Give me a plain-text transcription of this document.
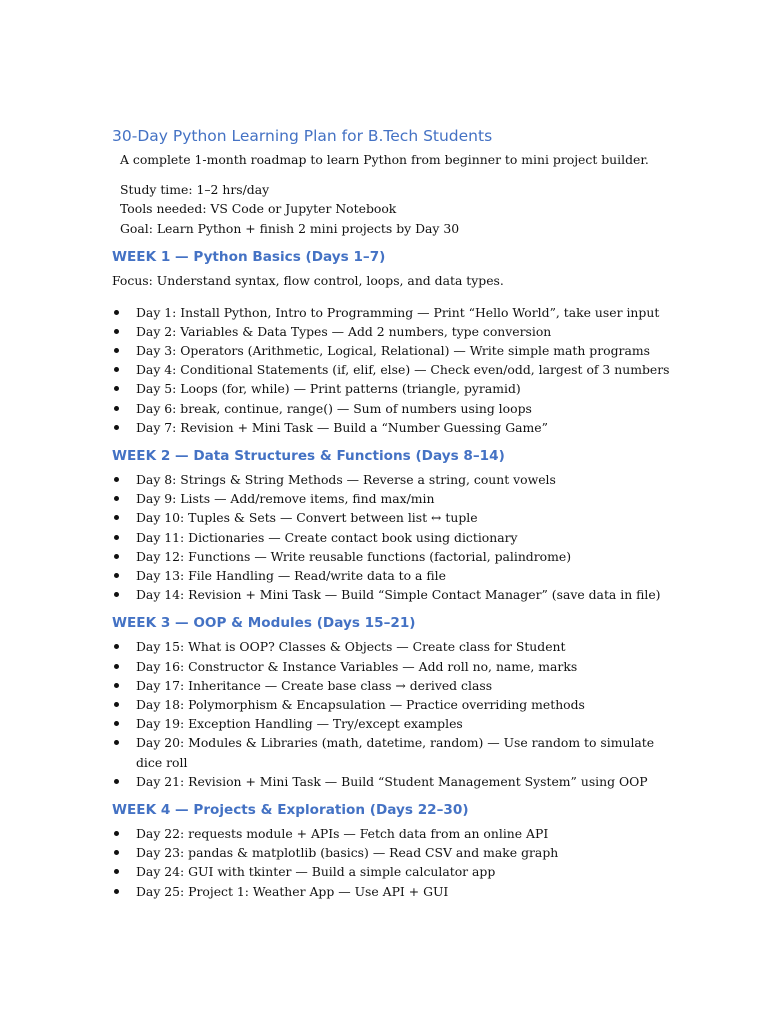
30-Day Python Learning Plan for B.Tech Students
A complete 1-month roadmap to learn Python from beginner to mini project builder.
Study time: 1–2 hrs/day
Tools needed: VS Code or Jupyter Notebook
Goal: Learn Python + finish 2 mini projects by Day 30
WEEK 1 — Python Basics (Days 1–7)
Focus: Understand syntax, flow control, loops, and data types.
Day 1: Install Python, Intro to Programming — Print “Hello World”, take user input
Day 2: Variables & Data Types — Add 2 numbers, type conversion
Day 3: Operators (Arithmetic, Logical, Relational) — Write simple math programs
Day 4: Conditional Statements (if, elif, else) — Check even/odd, largest of 3 numbers
Day 5: Loops (for, while) — Print patterns (triangle, pyramid)
Day 6: break, continue, range() — Sum of numbers using loops
Day 7: Revision + Mini Task — Build a “Number Guessing Game”
WEEK 2 — Data Structures & Functions (Days 8–14)
Day 8: Strings & String Methods — Reverse a string, count vowels
Day 9: Lists — Add/remove items, find max/min
Day 10: Tuples & Sets — Convert between list ↔ tuple
Day 11: Dictionaries — Create contact book using dictionary
Day 12: Functions — Write reusable functions (factorial, palindrome)
Day 13: File Handling — Read/write data to a file
Day 14: Revision + Mini Task — Build “Simple Contact Manager” (save data in file)
WEEK 3 — OOP & Modules (Days 15–21)
Day 15: What is OOP? Classes & Objects — Create class for Student
Day 16: Constructor & Instance Variables — Add roll no, name, marks
Day 17: Inheritance — Create base class → derived class
Day 18: Polymorphism & Encapsulation — Practice overriding methods
Day 19: Exception Handling — Try/except examples
Day 20: Modules & Libraries (math, datetime, random) — Use random to simulate dice roll
Day 21: Revision + Mini Task — Build “Student Management System” using OOP
WEEK 4 — Projects & Exploration (Days 22–30)
Day 22: requests module + APIs — Fetch data from an online API
Day 23: pandas & matplotlib (basics) — Read CSV and make graph
Day 24: GUI with tkinter — Build a simple calculator app
Day 25: Project 1: Weather App — Use API + GUI
